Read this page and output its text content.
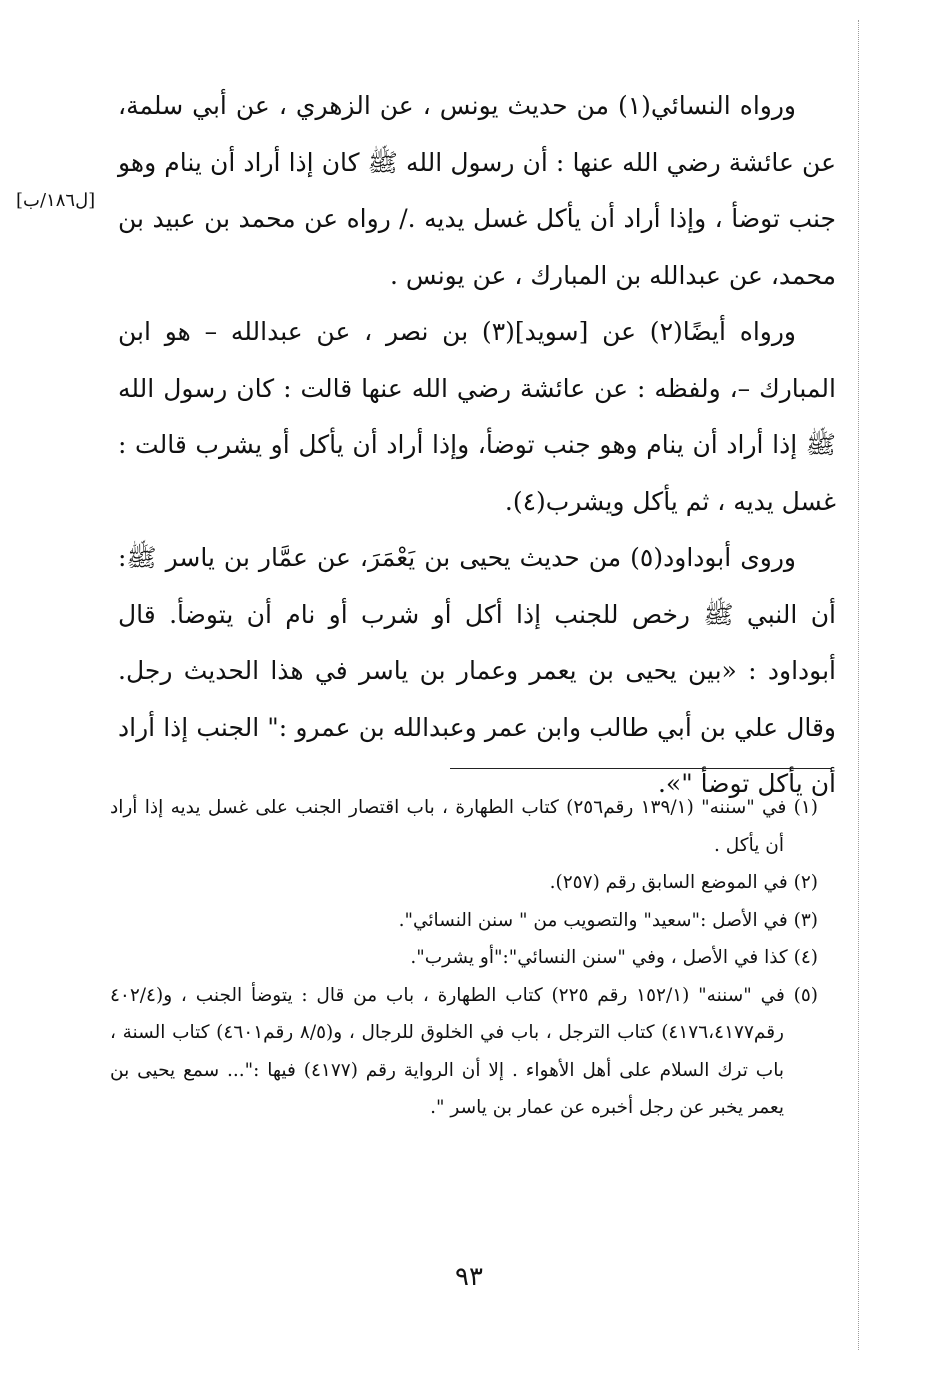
[ل١٨٦/ب]

ورواه النسائي(١) من حديث يونس ، عن الزهري ، عن أبي سلمة، عن عائشة رضي الله عنها : أن رسول الله ﷺ كان إذا أراد أن ينام وهو جنب توضأ ، وإذا أراد أن يأكل غسل يديه ./ رواه عن محمد بن عبيد بن محمد، عن عبدالله بن المبارك ، عن يونس .

ورواه أيضًا(٢) عن [سويد](٣) بن نصر ، عن عبدالله – هو ابن المبارك –، ولفظه : عن عائشة رضي الله عنها قالت : كان رسول الله ﷺ إذا أراد أن ينام وهو جنب توضأ، وإذا أراد أن يأكل أو يشرب قالت : غسل يديه ، ثم يأكل ويشرب(٤).

وروى أبوداود(٥) من حديث يحيى بن يَعْمَرَ، عن عمَّار بن ياسر ﷺ: أن النبي ﷺ رخص للجنب إذا أكل أو شرب أو نام أن يتوضأ. قال أبوداود : «بين يحيى بن يعمر وعمار بن ياسر في هذا الحديث رجل. وقال علي بن أبي طالب وابن عمر وعبدالله بن عمرو :" الجنب إذا أراد أن يأكل توضأ "».

(١) في "سننه" (١٣٩/١ رقم٢٥٦) كتاب الطهارة ، باب اقتصار الجنب على غسل يديه إذا أراد أن يأكل .

(٢) في الموضع السابق رقم (٢٥٧).

(٣) في الأصل :"سعيد" والتصويب من " سنن النسائي".

(٤) كذا في الأصل ، وفي "سنن النسائي":"أو يشرب".

(٥) في "سننه" (١٥٢/١ رقم ٢٢٥) كتاب الطهارة ، باب من قال : يتوضأ الجنب ، و(٤٠٢/٤ رقم٤١٧٦،٤١٧٧) كتاب الترجل ، باب في الخلوق للرجال ، و(٨/٥ رقم٤٦٠١) كتاب السنة ، باب ترك السلام على أهل الأهواء . إلا أن الرواية رقم (٤١٧٧) فيها :"... سمع يحيى بن يعمر يخبر عن رجل أخبره عن عمار بن ياسر ".

٩٣
